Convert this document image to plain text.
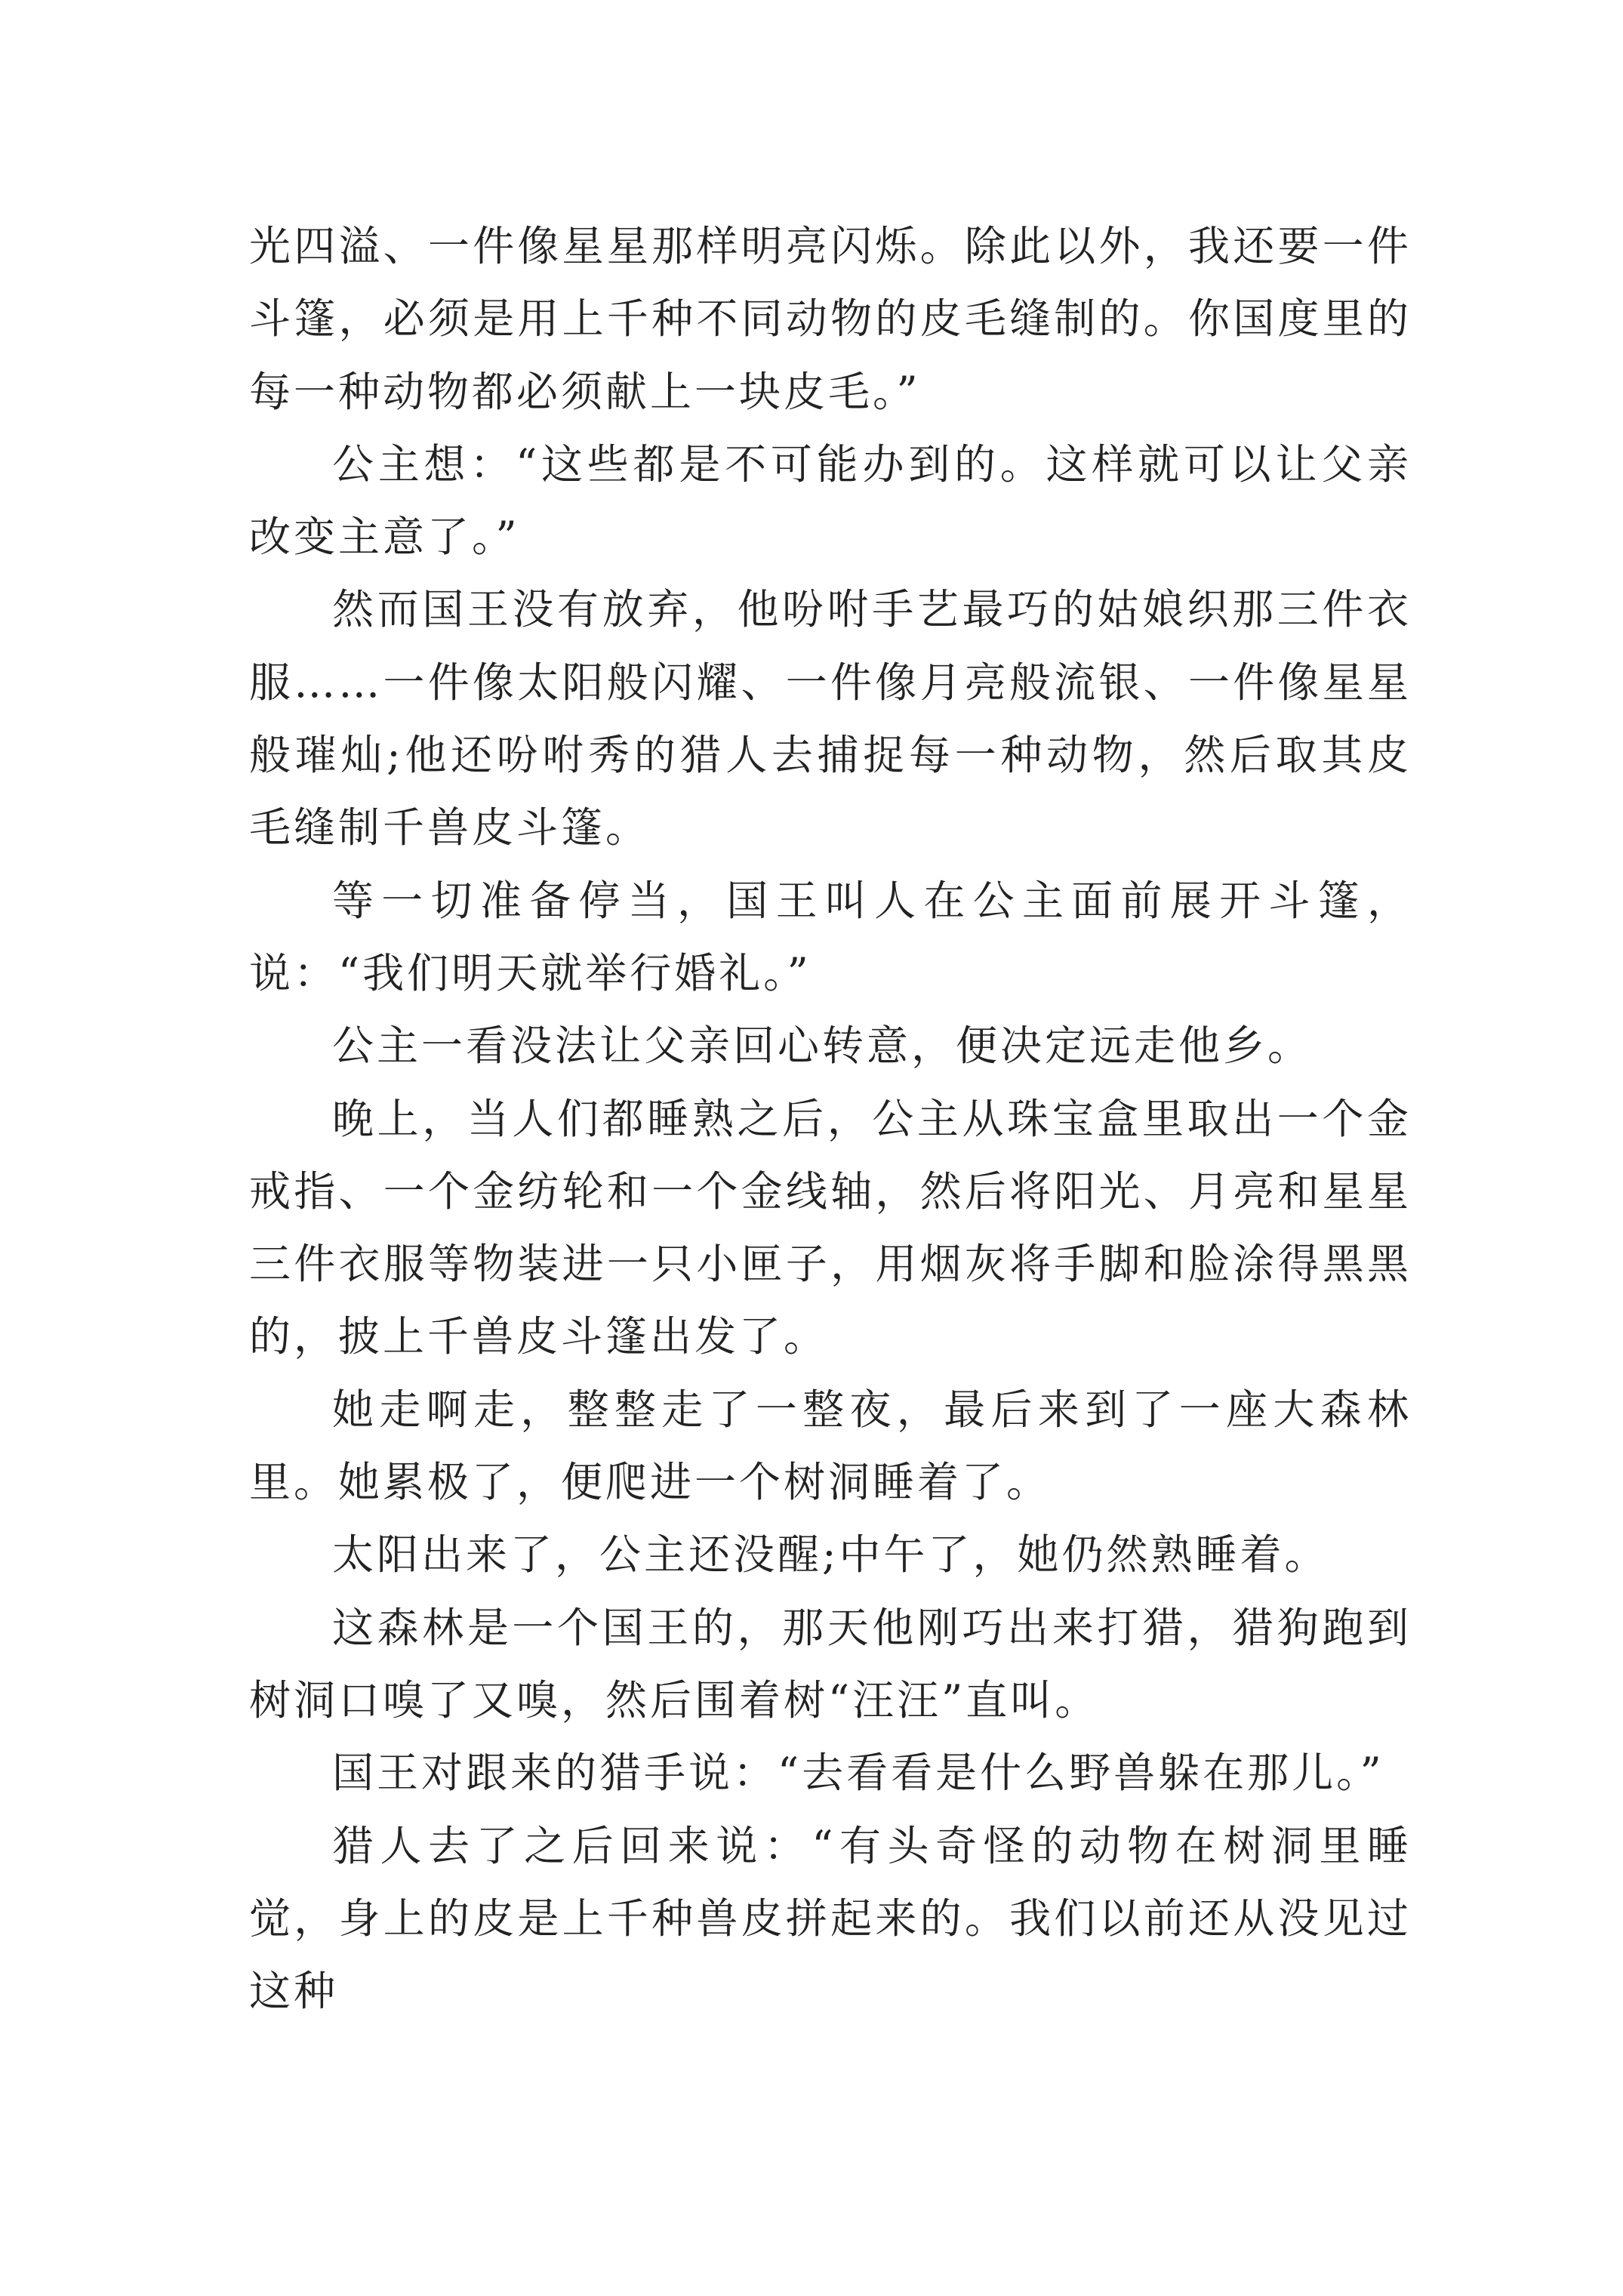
光四溢、一件像星星那样明亮闪烁。除此以外，我还要一件斗篷，必须是用上千种不同动物的皮毛缝制的。你国度里的每一种动物都必须献上一块皮毛。”

公主想：“这些都是不可能办到的。这样就可以让父亲改变主意了。”

然而国王没有放弃，他吩咐手艺最巧的姑娘织那三件衣服……一件像太阳般闪耀、一件像月亮般流银、一件像星星般璀灿;他还吩咐秀的猎人去捕捉每一种动物，然后取其皮毛缝制千兽皮斗篷。

等一切准备停当，国王叫人在公主面前展开斗篷，说：“我们明天就举行婚礼。”

公主一看没法让父亲回心转意，便决定远走他乡。

晚上，当人们都睡熟之后，公主从珠宝盒里取出一个金戒指、一个金纺轮和一个金线轴，然后将阳光、月亮和星星三件衣服等物装进一只小匣子，用烟灰将手脚和脸涂得黑黑的，披上千兽皮斗篷出发了。

她走啊走，整整走了一整夜，最后来到了一座大森林里。她累极了，便爬进一个树洞睡着了。

太阳出来了，公主还没醒;中午了，她仍然熟睡着。

这森林是一个国王的，那天他刚巧出来打猎，猎狗跑到树洞口嗅了又嗅，然后围着树“汪汪”直叫。

国王对跟来的猎手说：“去看看是什么野兽躲在那儿。”

猎人去了之后回来说：“有头奇怪的动物在树洞里睡觉，身上的皮是上千种兽皮拼起来的。我们以前还从没见过这种
